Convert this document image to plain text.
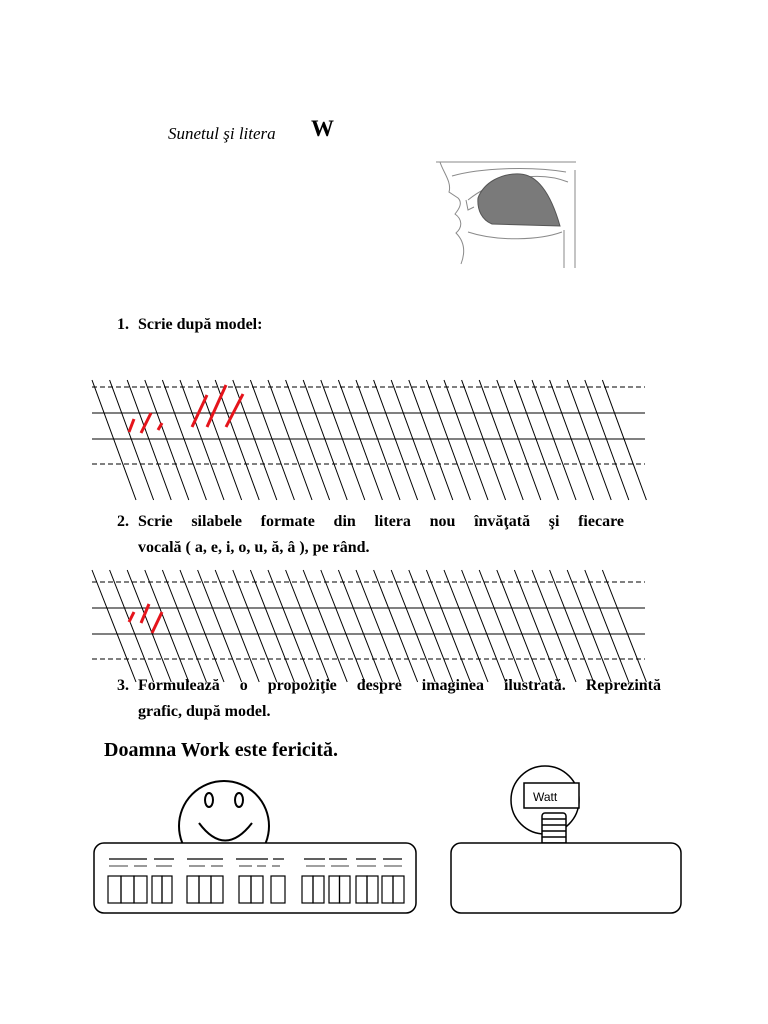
Watt
Sunetul şi litera W
1. Scrie după model:
2. Scrie silabele formate din litera nou învăţată şi fiecare
vocală ( a, e, i, o, u, ă, â ), pe rând.
3. Formulează o propoziţie despre imaginea ilustrată. Reprezintă
grafic, după model.
Doamna Work este fericită.
